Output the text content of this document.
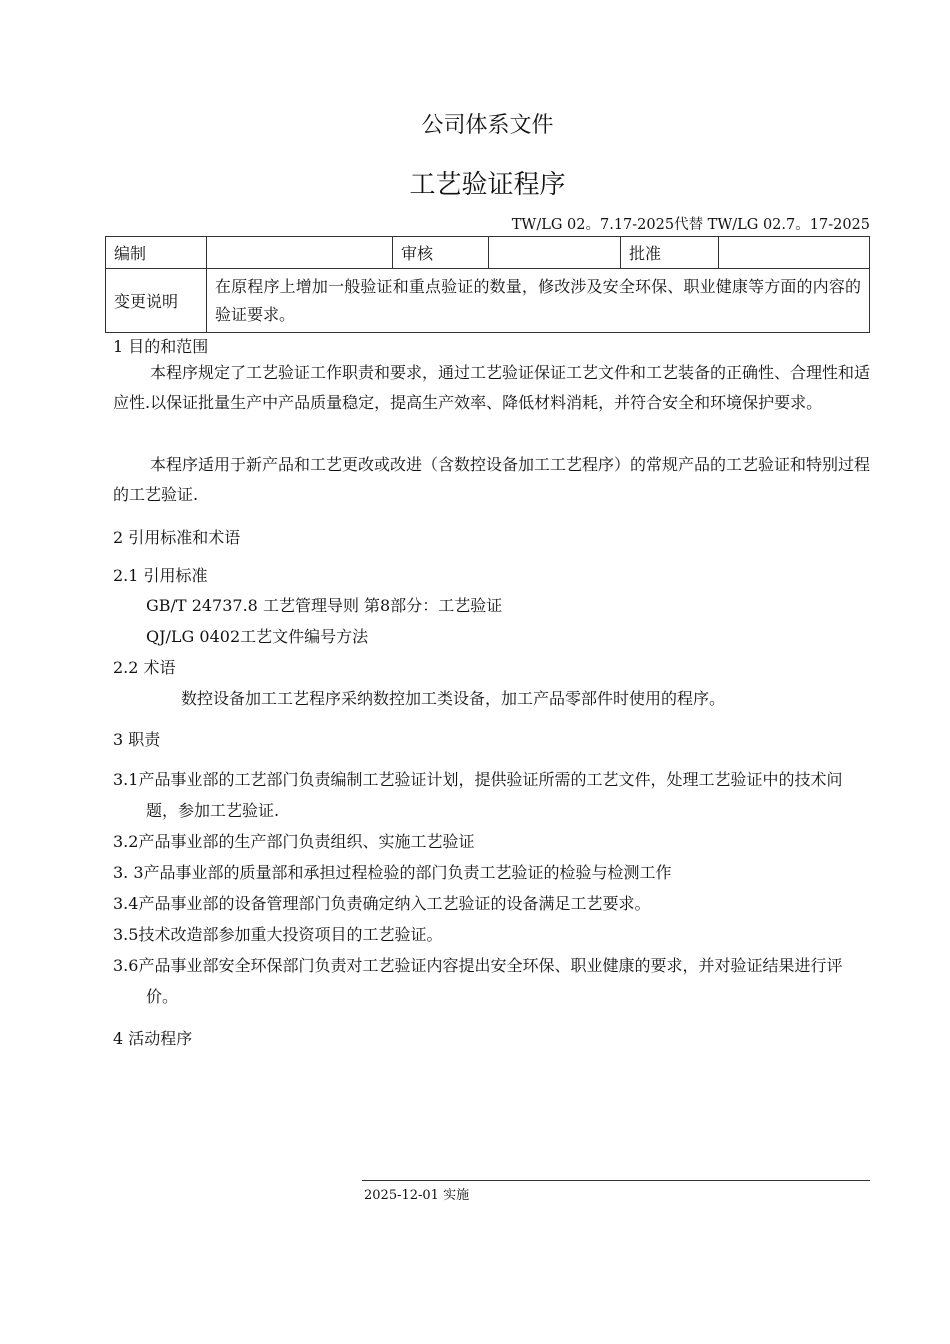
公司体系文件
工艺验证程序
TW/LG 02。7.17-2025代替 TW/LG 02.7。17-2025
编制		审核		批准	
变更说明	在原程序上增加一般验证和重点验证的数量，修改涉及安全环保、职业健康等方面的内容的验证要求。				
1 目的和范围
本程序规定了工艺验证工作职责和要求，通过工艺验证保证工艺文件和工艺装备的正确性、合理性和适应性.以保证批量生产中产品质量稳定，提高生产效率、降低材料消耗，并符合安全和环境保护要求。
本程序适用于新产品和工艺更改或改进（含数控设备加工工艺程序）的常规产品的工艺验证和特别过程的工艺验证.
2 引用标准和术语
2.1 引用标准
GB/T 24737.8 工艺管理导则 第8部分：工艺验证
QJ/LG 0402工艺文件编号方法
2.2 术语
数控设备加工工艺程序采纳数控加工类设备，加工产品零部件时使用的程序。
3 职责
3.1产品事业部的工艺部门负责编制工艺验证计划，提供验证所需的工艺文件，处理工艺验证中的技术问题，参加工艺验证.
3.2产品事业部的生产部门负责组织、实施工艺验证
3. 3产品事业部的质量部和承担过程检验的部门负责工艺验证的检验与检测工作
3.4产品事业部的设备管理部门负责确定纳入工艺验证的设备满足工艺要求。
3.5技术改造部参加重大投资项目的工艺验证。
3.6产品事业部安全环保部门负责对工艺验证内容提出安全环保、职业健康的要求，并对验证结果进行评价。
4 活动程序
2025-12-01 实施
